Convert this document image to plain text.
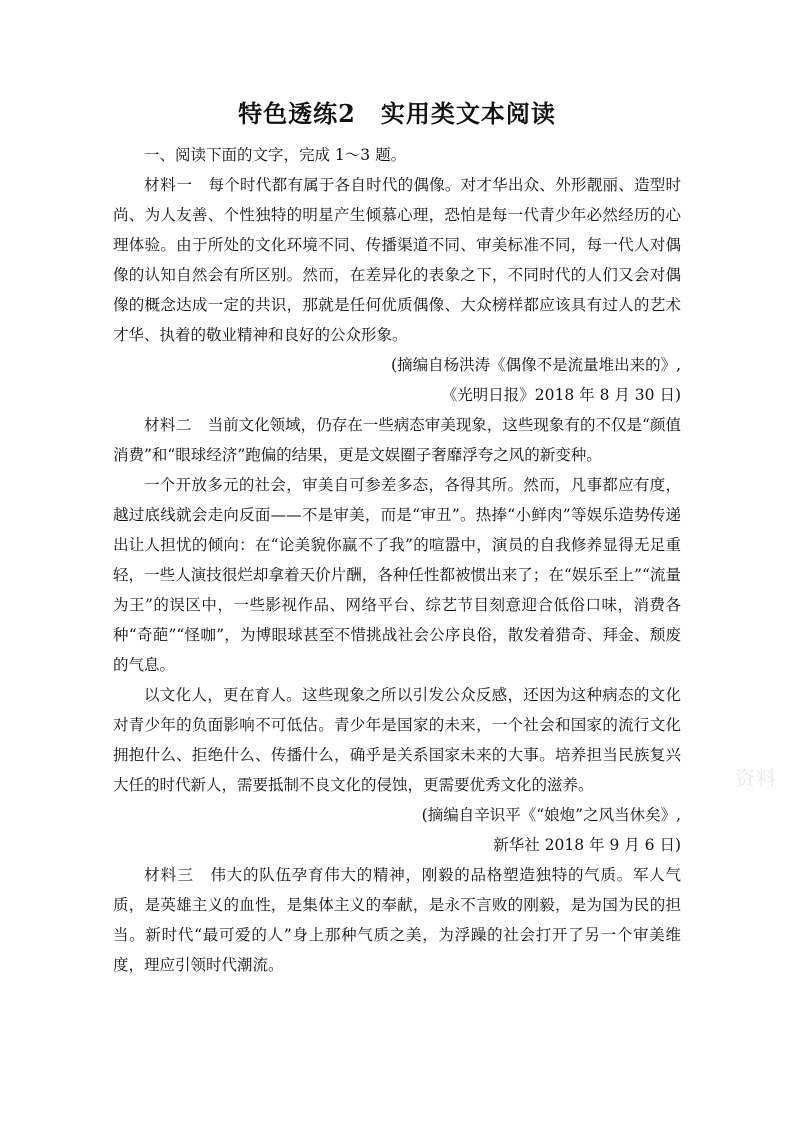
特色透练2　实用类文本阅读

一、阅读下面的文字，完成 1～3 题。

材料一　每个时代都有属于各自时代的偶像。对才华出众、外形靓丽、造型时尚、为人友善、个性独特的明星产生倾慕心理，恐怕是每一代青少年必然经历的心理体验。由于所处的文化环境不同、传播渠道不同、审美标准不同，每一代人对偶像的认知自然会有所区别。然而，在差异化的表象之下，不同时代的人们又会对偶像的概念达成一定的共识，那就是任何优质偶像、大众榜样都应该具有过人的艺术才华、执着的敬业精神和良好的公众形象。

(摘编自杨洪涛《偶像不是流量堆出来的》,

《光明日报》2018 年 8 月 30 日)

材料二　当前文化领域，仍存在一些病态审美现象，这些现象有的不仅是“颜值消费”和“眼球经济”跑偏的结果，更是文娱圈子奢靡浮夸之风的新变种。

一个开放多元的社会，审美自可参差多态，各得其所。然而，凡事都应有度，越过底线就会走向反面——不是审美，而是“审丑”。热捧“小鲜肉”等娱乐造势传递出让人担忧的倾向：在“论美貌你赢不了我”的喧嚣中，演员的自我修养显得无足重轻，一些人演技很烂却拿着天价片酬，各种任性都被惯出来了；在“娱乐至上”“流量为王”的误区中，一些影视作品、网络平台、综艺节目刻意迎合低俗口味，消费各种“奇葩”“怪咖”，为博眼球甚至不惜挑战社会公序良俗，散发着猎奇、拜金、颓废的气息。

以文化人，更在育人。这些现象之所以引发公众反感，还因为这种病态的文化对青少年的负面影响不可低估。青少年是国家的未来，一个社会和国家的流行文化拥抱什么、拒绝什么、传播什么，确乎是关系国家未来的大事。培养担当民族复兴大任的时代新人，需要抵制不良文化的侵蚀，更需要优秀文化的滋养。

(摘编自辛识平《“娘炮”之风当休矣》,

新华社 2018 年 9 月 6 日)

材料三　伟大的队伍孕育伟大的精神，刚毅的品格塑造独特的气质。军人气质，是英雄主义的血性，是集体主义的奉献，是永不言败的刚毅，是为国为民的担当。新时代“最可爱的人”身上那种气质之美，为浮躁的社会打开了另一个审美维度，理应引领时代潮流。

资料
